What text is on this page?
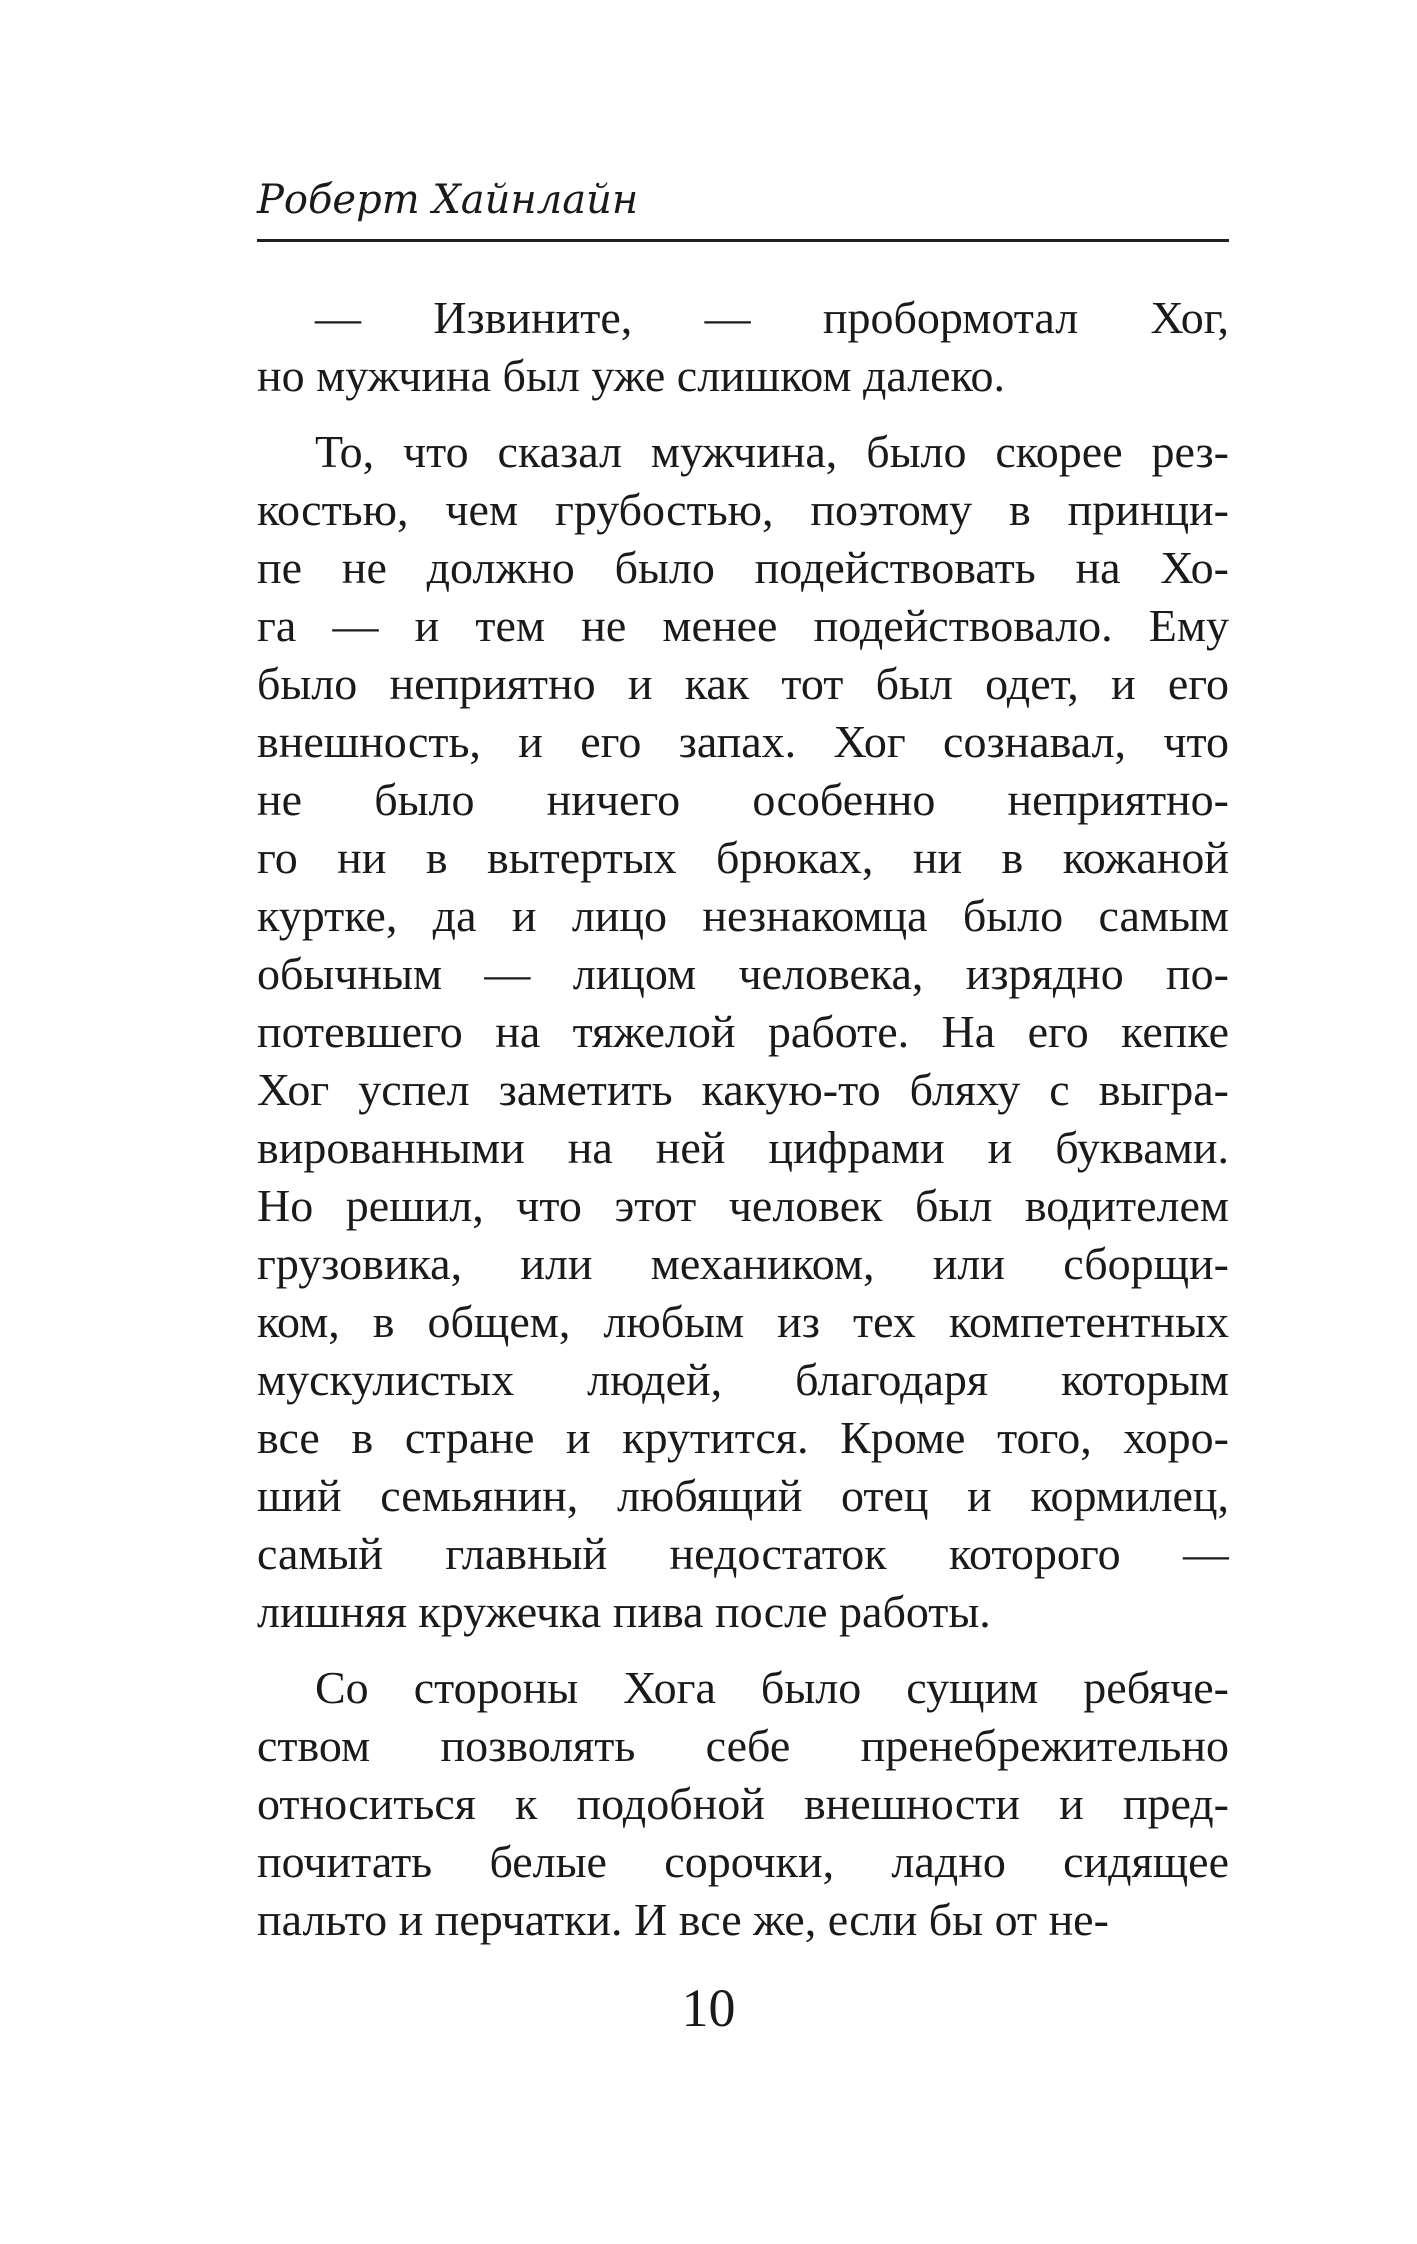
Роберт Хайнлайн
— Извините, — пробормотал Хог,
но мужчина был уже слишком далеко.
То, что сказал мужчина, было скорее рез-
костью, чем грубостью, поэтому в принци-
пе не должно было подействовать на Хо-
га — и тем не менее подействовало. Ему
было неприятно и как тот был одет, и его
внешность, и его запах. Хог сознавал, что
не было ничего особенно неприятно-
го ни в вытертых брюках, ни в кожаной
куртке, да и лицо незнакомца было самым
обычным — лицом человека, изрядно по-
потевшего на тяжелой работе. На его кепке
Хог успел заметить какую-то бляху с выгра-
вированными на ней цифрами и буквами.
Но решил, что этот человек был водителем
грузовика, или механиком, или сборщи-
ком, в общем, любым из тех компетентных
мускулистых людей, благодаря которым
все в стране и крутится. Кроме того, хоро-
ший семьянин, любящий отец и кормилец,
самый главный недостаток которого —
лишняя кружечка пива после работы.
Со стороны Хога было сущим ребяче-
ством позволять себе пренебрежительно
относиться к подобной внешности и пред-
почитать белые сорочки, ладно сидящее
пальто и перчатки. И все же, если бы от не-
10
